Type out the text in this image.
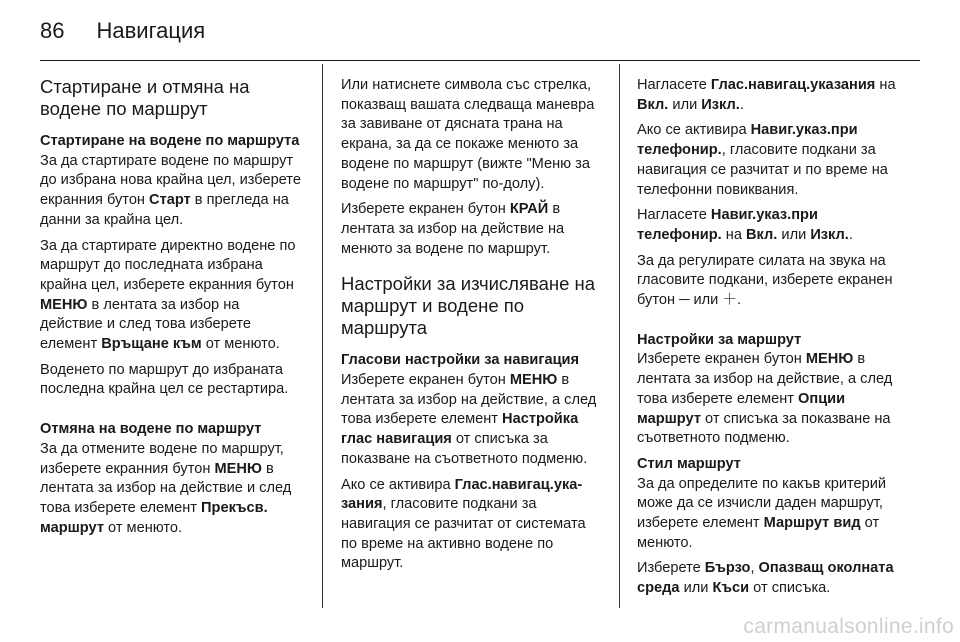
86 Навигация
Стартиране и отмяна на водене по маршрут
Стартиране на водене по маршрута

За да стартирате водене по маршрут до избрана нова крайна цел, изберете екранния бутон Старт в прегледа на данни за крайна цел.

За да стартирате директно водене по маршрут до последната избрана крайна цел, изберете екранния бутон МЕНЮ в лентата за избор на действие и след това изберете елемент Връщане към от менюто.

Воденето по маршрут до избраната последна крайна цел се рестартира.

Отмяна на водене по маршрут

За да отмените водене по маршрут, изберете екранния бутон МЕНЮ в лентата за избор на действие и след това изберете елемент Прекъсв. маршрут от менюто.

Или натиснете символа със стрелка, показващ вашата следваща маневра за завиване от дясната трана на екрана, за да се покаже менюто за водене по маршрут (вижте "Меню за водене по маршрут" по-долу).

Изберете екранен бутон КРАЙ в лентата за избор на действие на менюто за водене по маршрут.

Настройки за изчисляване на маршрут и водене по маршрута
Гласови настройки за навигация

Изберете екранен бутон МЕНЮ в лентата за избор на действие, а след това изберете елемент Настройка глас навигация от списъка за показване на съответното подменю.

Ако се активира Глас.навигац.ука-зания, гласовите подкани за навигация се разчитат от системата по време на активно водене по маршрут.

Нагласете Глас.навигац.указания на Вкл. или Изкл..

Ако се активира Навиг.указ.при телефонир., гласовите подкани за навигация се разчитат и по време на телефонни повиквания.

Нагласете Навиг.указ.при телефонир. на Вкл. или Изкл..

За да регулирате силата на звука на гласовите подкани, изберете екранен бутон ─ или ＋.

Настройки за маршрут

Изберете екранен бутон МЕНЮ в лентата за избор на действие, а след това изберете елемент Опции маршрут от списъка за показване на съответното подменю.

Стил маршрут

За да определите по какъв критерий може да се изчисли даден маршрут, изберете елемент Маршрут вид от менюто.

Изберете Бързо, Опазващ околната среда или Къси от списъка.

carmanualsonline.info
